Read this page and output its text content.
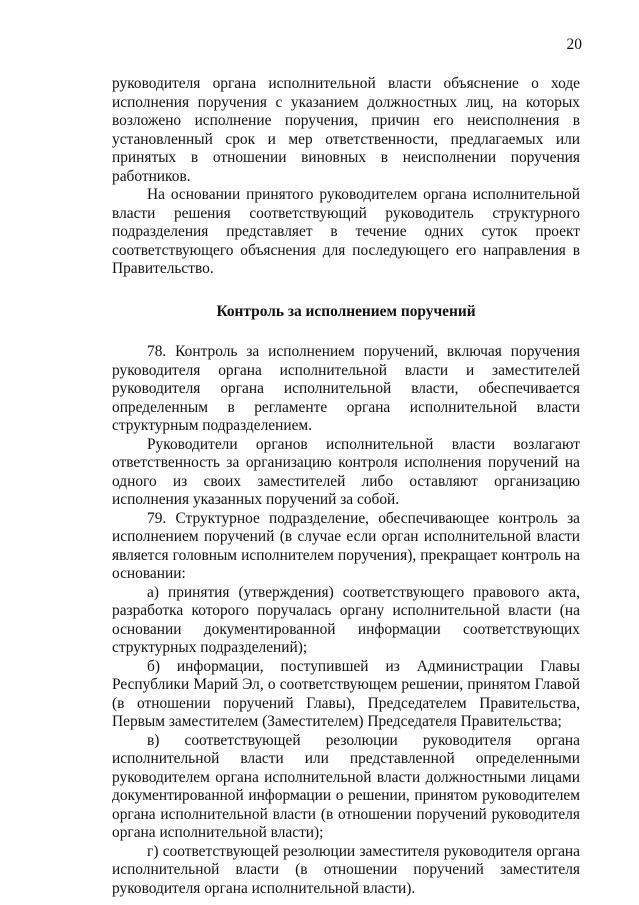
20

руководителя органа исполнительной власти объяснение о ходе исполнения поручения с указанием должностных лиц, на которых возложено исполнение поручения, причин его неисполнения в установленный срок и мер ответственности, предлагаемых или принятых в отношении виновных в неисполнении поручения работников.

На основании принятого руководителем органа исполнительной власти решения соответствующий руководитель структурного подразделения представляет в течение одних суток проект соответствующего объяснения для последующего его направления в Правительство.

Контроль за исполнением поручений

78. Контроль за исполнением поручений, включая поручения руководителя органа исполнительной власти и заместителей руководителя органа исполнительной власти, обеспечивается определенным в регламенте органа исполнительной власти структурным подразделением.

Руководители органов исполнительной власти возлагают ответственность за организацию контроля исполнения поручений на одного из своих заместителей либо оставляют организацию исполнения указанных поручений за собой.

79. Структурное подразделение, обеспечивающее контроль за исполнением поручений (в случае если орган исполнительной власти является головным исполнителем поручения), прекращает контроль на основании:

а) принятия (утверждения) соответствующего правового акта, разработка которого поручалась органу исполнительной власти (на основании документированной информации соответствующих структурных подразделений);

б) информации, поступившей из Администрации Главы Республики Марий Эл, о соответствующем решении, принятом Главой (в отношении поручений Главы), Председателем Правительства, Первым заместителем (Заместителем) Председателя Правительства;

в) соответствующей резолюции руководителя органа исполнительной власти или представленной определенными руководителем органа исполнительной власти должностными лицами документированной информации о решении, принятом руководителем органа исполнительной власти (в отношении поручений руководителя органа исполнительной власти);

г) соответствующей резолюции заместителя руководителя органа исполнительной власти (в отношении поручений заместителя руководителя органа исполнительной власти).
